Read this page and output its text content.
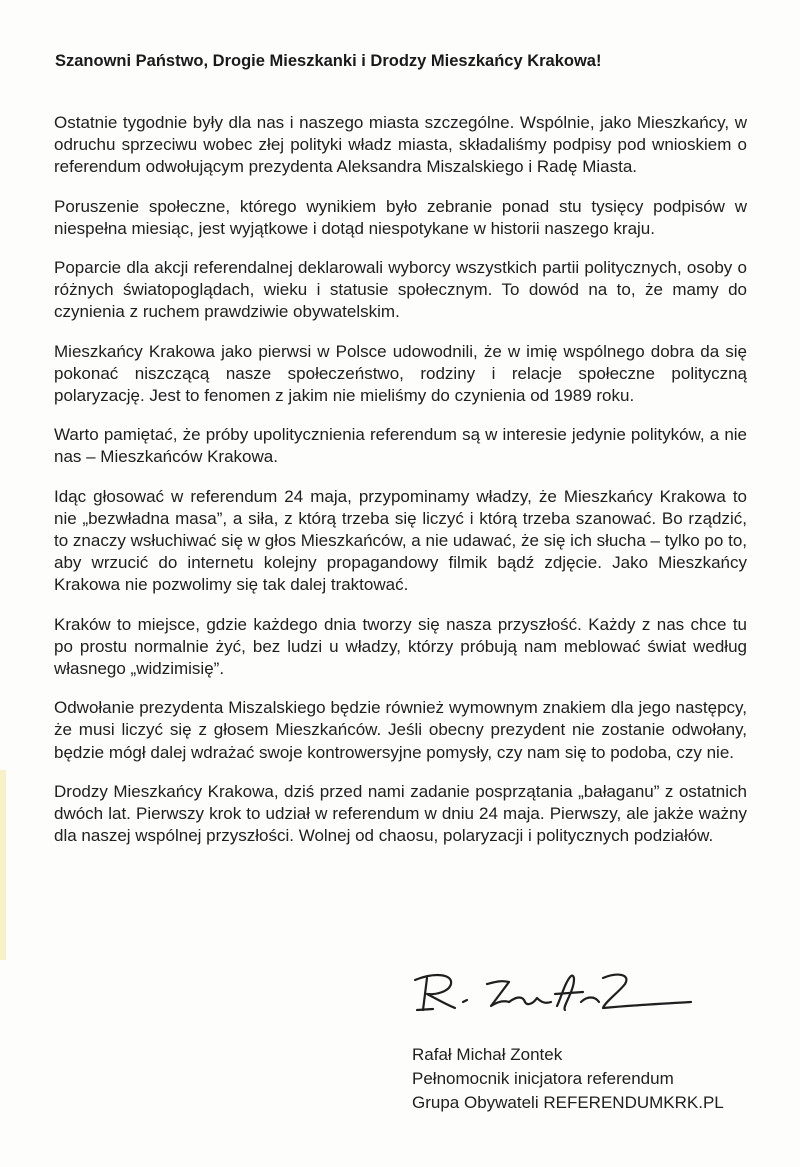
Szanowni Państwo, Drogie Mieszkanki i Drodzy Mieszkańcy Krakowa!

Ostatnie tygodnie były dla nas i naszego miasta szczególne. Wspólnie, jako Mieszkańcy, w odruchu sprzeciwu wobec złej polityki władz miasta, składaliśmy podpisy pod wnioskiem o referendum odwołującym prezydenta Aleksandra Miszalskiego i Radę Miasta.

Poruszenie społeczne, którego wynikiem było zebranie ponad stu tysięcy podpisów w niespełna miesiąc, jest wyjątkowe i dotąd niespotykane w historii naszego kraju.

Poparcie dla akcji referendalnej deklarowali wyborcy wszystkich partii politycznych, osoby o różnych światopoglądach, wieku i statusie społecznym. To dowód na to, że mamy do czynienia z ruchem prawdziwie obywatelskim.

Mieszkańcy Krakowa jako pierwsi w Polsce udowodnili, że w imię wspólnego dobra da się pokonać niszczącą nasze społeczeństwo, rodziny i relacje społeczne polityczną polaryzację. Jest to fenomen z jakim nie mieliśmy do czynienia od 1989 roku.

Warto pamiętać, że próby upolitycznienia referendum są w interesie jedynie polityków, a nie nas – Mieszkańców Krakowa.

Idąc głosować w referendum 24 maja, przypominamy władzy, że Mieszkańcy Krakowa to nie „bezwładna masa”, a siła, z którą trzeba się liczyć i którą trzeba szanować. Bo rządzić, to znaczy wsłuchiwać się w głos Mieszkańców, a nie udawać, że się ich słucha – tylko po to, aby wrzucić do internetu kolejny propagandowy filmik bądź zdjęcie. Jako Mieszkańcy Krakowa nie pozwolimy się tak dalej traktować.

Kraków to miejsce, gdzie każdego dnia tworzy się nasza przyszłość. Każdy z nas chce tu po prostu normalnie żyć, bez ludzi u władzy, którzy próbują nam meblować świat według własnego „widzimisię”.

Odwołanie prezydenta Miszalskiego będzie również wymownym znakiem dla jego następcy, że musi liczyć się z głosem Mieszkańców. Jeśli obecny prezydent nie zostanie odwołany, będzie mógł dalej wdrażać swoje kontrowersyjne pomysły, czy nam się to podoba, czy nie.

Drodzy Mieszkańcy Krakowa, dziś przed nami zadanie posprzątania „bałaganu” z ostatnich dwóch lat. Pierwszy krok to udział w referendum w dniu 24 maja. Pierwszy, ale jakże ważny dla naszej wspólnej przyszłości. Wolnej od chaosu, polaryzacji i politycznych podziałów.

Rafał Michał Zontek
Pełnomocnik inicjatora referendum
Grupa Obywateli REFERENDUMKRK.PL
